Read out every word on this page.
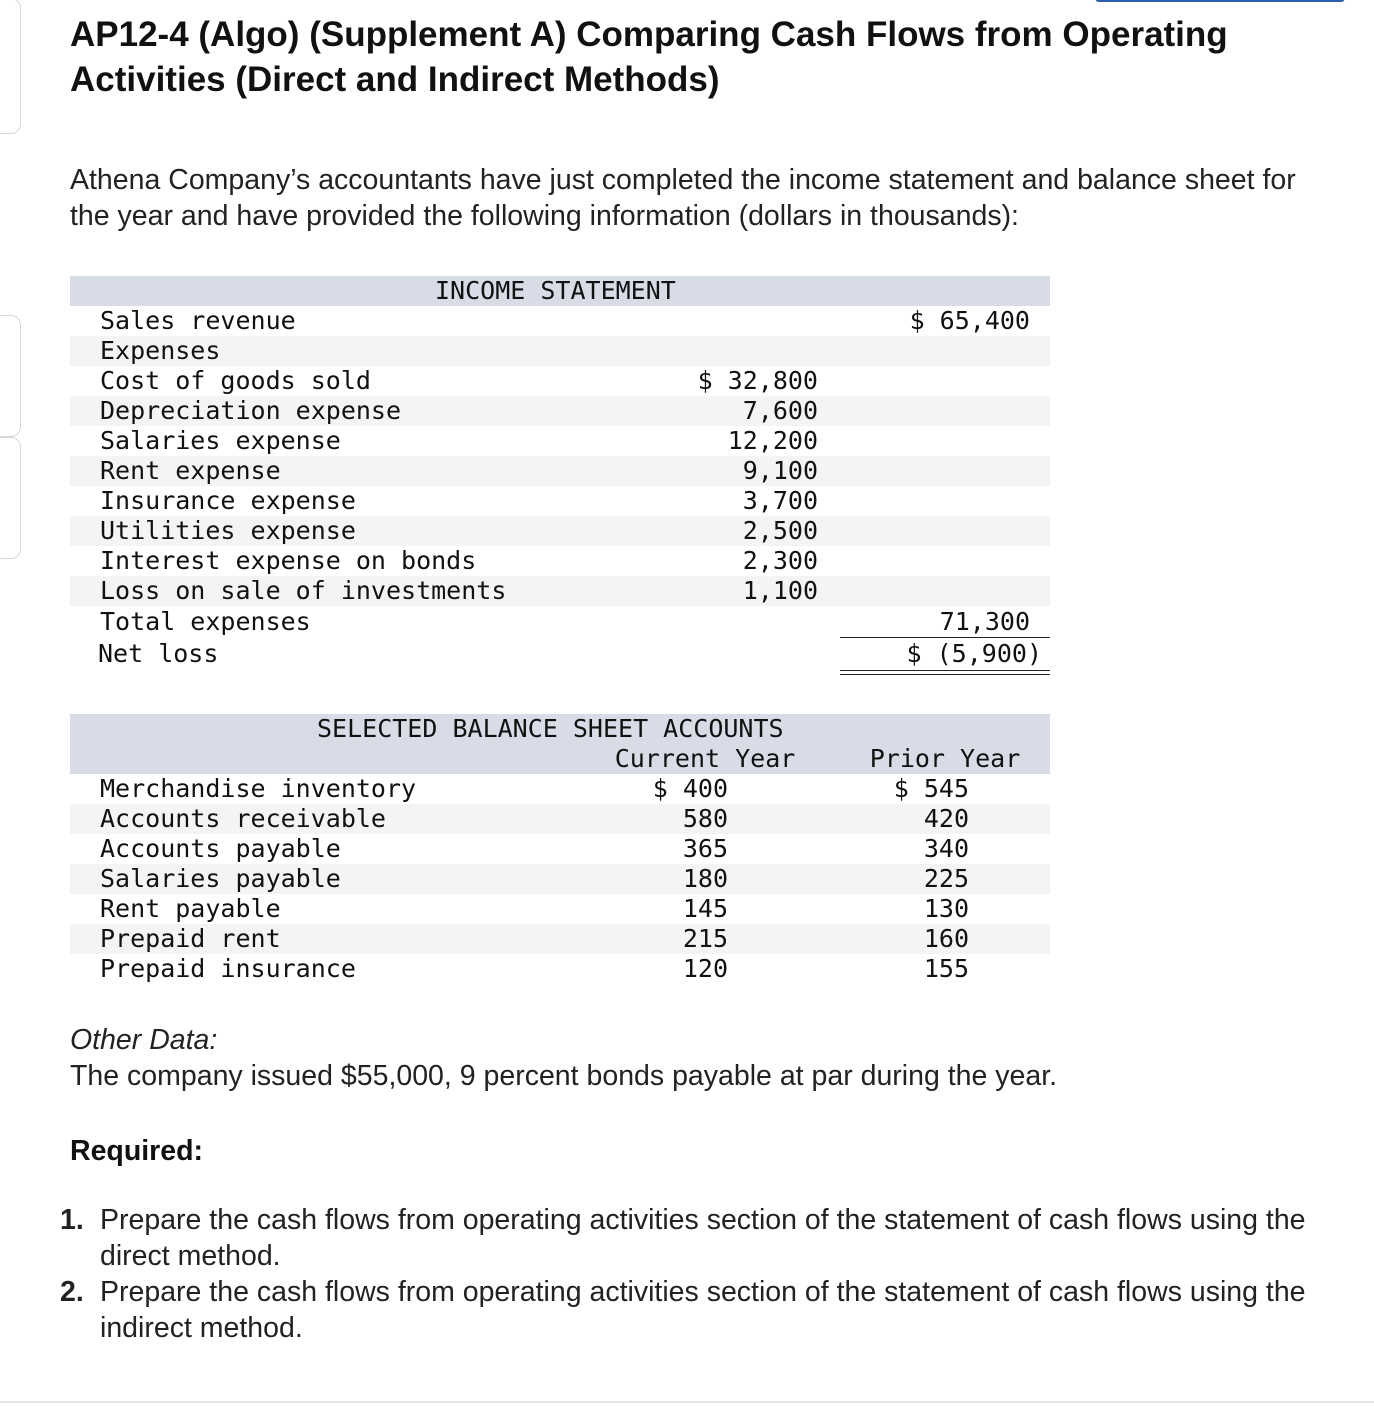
AP12-4 (Algo) (Supplement A) Comparing Cash Flows from Operating Activities (Direct and Indirect Methods)

Athena Company’s accountants have just completed the income statement and balance sheet for the year and have provided the following information (dollars in thousands):

INCOME STATEMENT
Sales revenue	$ 65,400
Expenses
Cost of goods sold	$ 32,800
Depreciation expense	7,600
Salaries expense	12,200
Rent expense	9,100
Insurance expense	3,700
Utilities expense	2,500
Interest expense on bonds	2,300
Loss on sale of investments	1,100
Total expenses	71,300
Net loss	$ (5,900)
SELECTED BALANCE SHEET ACCOUNTS
Current Year	Prior Year
Merchandise inventory	$ 400	$ 545
Accounts receivable	580	420
Accounts payable	365	340
Salaries payable	180	225
Rent payable	145	130
Prepaid rent	215	160
Prepaid insurance	120	155

Other Data:

The company issued $55,000, 9 percent bonds payable at par during the year.

Required:

1. Prepare the cash flows from operating activities section of the statement of cash flows using the direct method.
2. Prepare the cash flows from operating activities section of the statement of cash flows using the indirect method.
